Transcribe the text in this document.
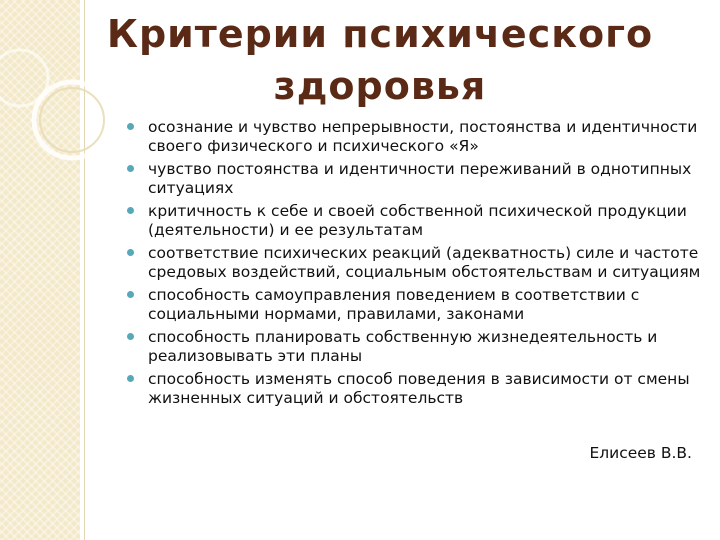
Критерии психического здоровья
осознание и чувство непрерывности, постоянства и идентичности своего физического и психического «Я»
чувство постоянства и идентичности переживаний в однотипных ситуациях
критичность к себе и своей собственной психической продукции (деятельности) и ее результатам
соответствие психических реакций (адекватность) силе и частоте средовых воздействий, социальным обстоятельствам и ситуациям
способность самоуправления поведением в соответствии с социальными нормами, правилами, законами
способность планировать собственную жизнедеятельность и реализовывать эти планы
способность изменять способ поведения в зависимости от смены жизненных ситуаций и обстоятельств
Елисеев В.В.
